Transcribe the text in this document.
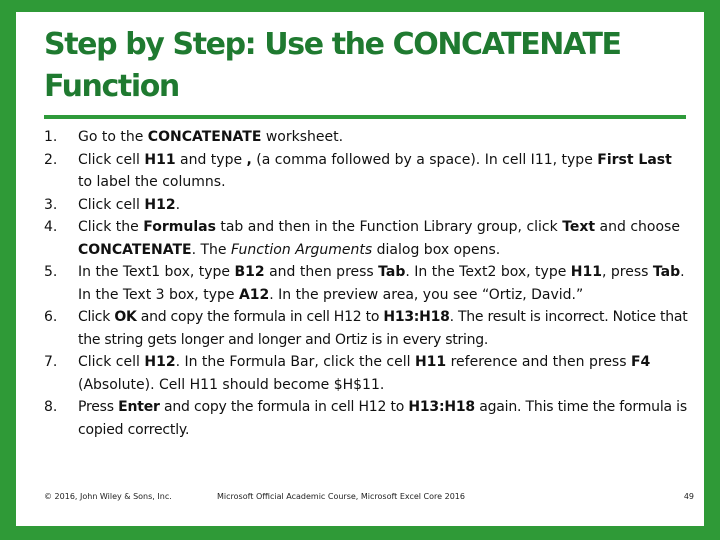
Step by Step: Use the CONCATENATE
Function
1.	Go to the CONCATENATE worksheet.
2.	Click cell H11 and type , (a comma followed by a space). In cell I11, type First Last to label the columns.
3.	Click cell H12.
4.	Click the Formulas tab and then in the Function Library group, click Text and choose CONCATENATE. The Function Arguments dialog box opens.
5.	In the Text1 box, type B12 and then press Tab. In the Text2 box, type H11, press Tab. In the Text 3 box, type A12. In the preview area, you see “Ortiz, David.”
6.	Click OK and copy the formula in cell H12 to H13:H18. The result is incorrect. Notice that the string gets longer and longer and Ortiz is in every string.
7.	Click cell H12. In the Formula Bar, click the cell H11 reference and then press F4 (Absolute). Cell H11 should become $H$11.
8.	Press Enter and copy the formula in cell H12 to H13:H18 again. This time the formula is copied correctly.
© 2016, John Wiley & Sons, Inc.	Microsoft Official Academic Course, Microsoft Excel Core 2016	49
